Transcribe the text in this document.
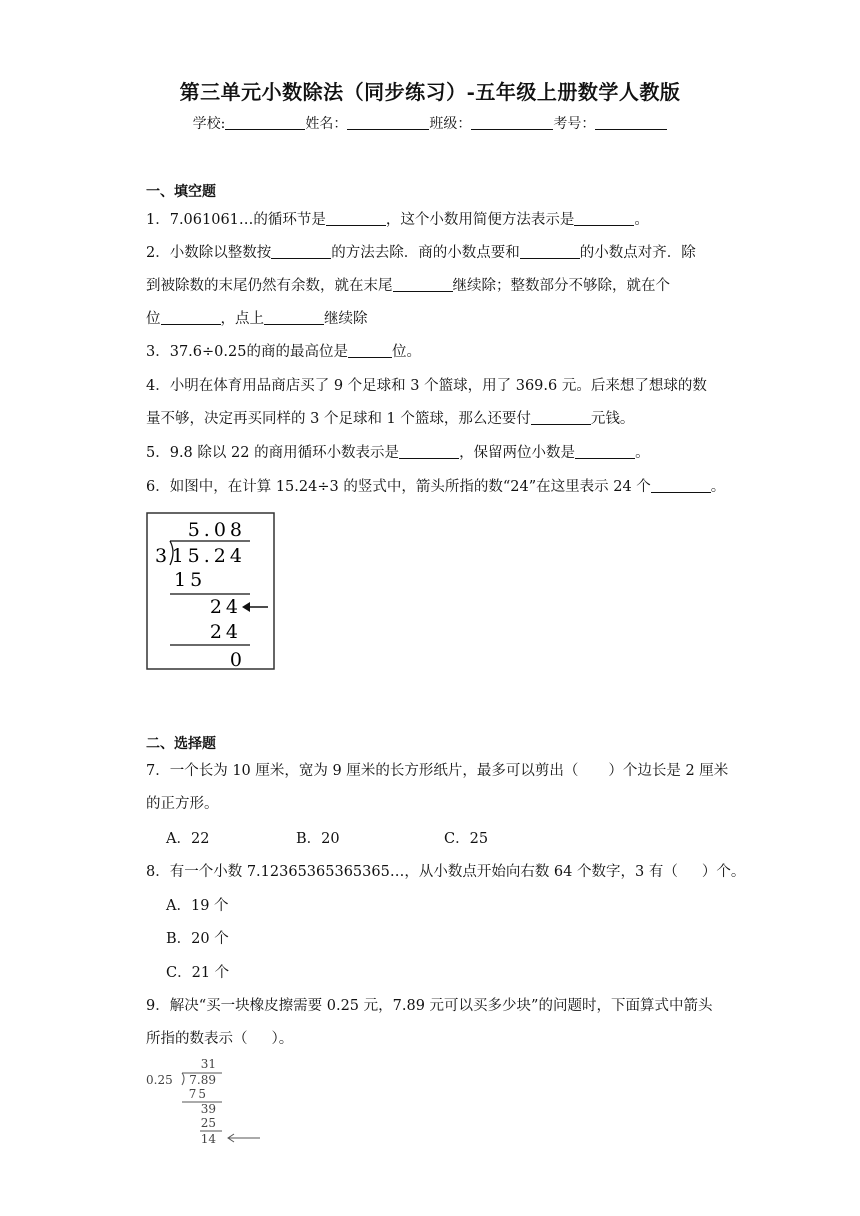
第三单元小数除法（同步练习）-五年级上册数学人教版
学校:	姓名：	班级：	考号：
一、填空题
1．7.061061…的循环节是	，这个小数用简便方法表示是	。
2．小数除以整数按	的方法去除．商的小数点要和	的小数点对齐．除
到被除数的末尾仍然有余数，就在末尾	继续除；整数部分不够除，就在个
位	，点上	继续除
3．37.6÷0.25的商的最高位是	位。
4．小明在体育用品商店买了 9 个足球和 3 个篮球，用了 369.6 元。后来想了想球的数
量不够，决定再买同样的 3 个足球和 1 个篮球，那么还要付	元钱。
5．9.8 除以 22 的商用循环小数表示是	，保留两位小数是	。
6．如图中，在计算 15.24÷3 的竖式中，箭头所指的数“24”在这里表示 24 个	。
5.08
3 15.24
15
24
24
0
二、选择题
7．一个长为 10 厘米，宽为 9 厘米的长方形纸片，最多可以剪出（ ）个边长是 2 厘米
的正方形。
A．22	B．20	C．25
8．有一个小数 7.12365365365365…，从小数点开始向右数 64 个数字，3 有（ ）个。
A．19 个
B．20 个
C．21 个
9．解决“买一块橡皮擦需要 0.25 元，7.89 元可以买多少块”的问题时，下面算式中箭头
所指的数表示（ ）。
31
0.25 7.89
75
39
25
14
